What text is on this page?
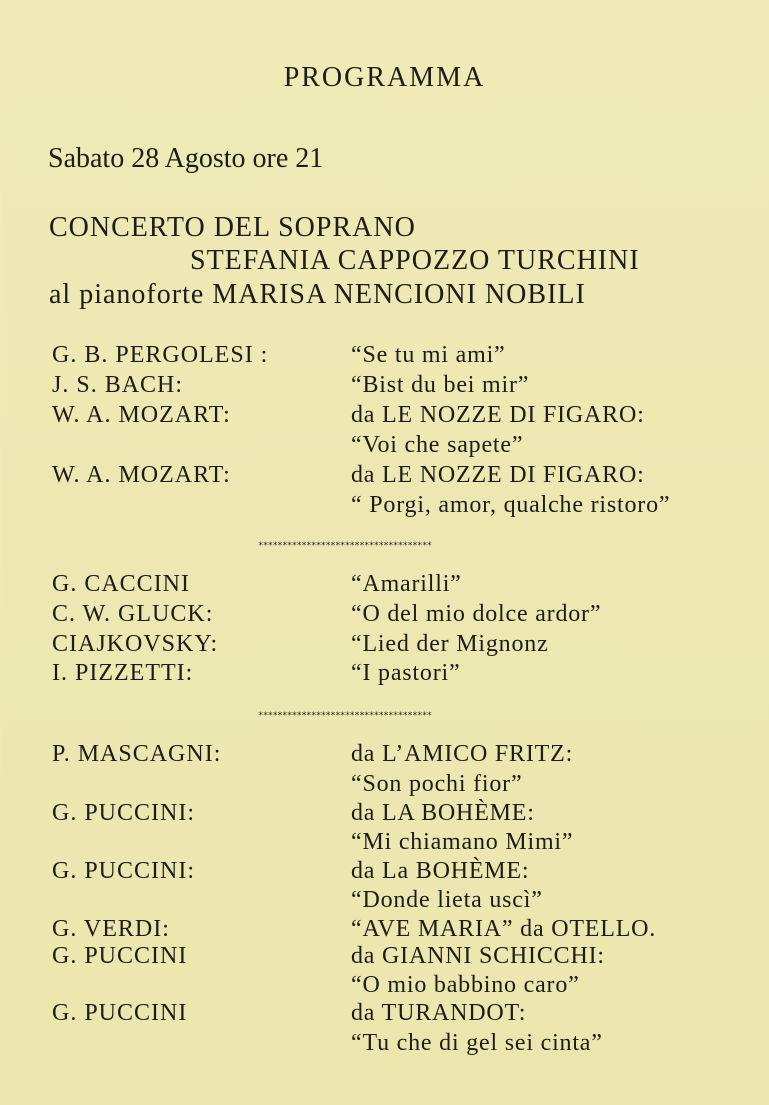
PROGRAMMA
Sabato 28 Agosto ore 21
CONCERTO DEL SOPRANO
STEFANIA CAPPOZZO TURCHINI
al pianoforte MARISA NENCIONI NOBILI
G. B. PERGOLESI :	“Se tu mi ami”
J. S. BACH:	“Bist du bei mir”
W. A. MOZART:	da LE NOZZE DI FIGARO:
“Voi che sapete”
W. A. MOZART:	da LE NOZZE DI FIGARO:
“ Porgi, amor, qualche ristoro”
************************************
G. CACCINI	“Amarilli”
C. W. GLUCK:	“O del mio dolce ardor”
CIAJKOVSKY:	“Lied der Mignonz
I. PIZZETTI:	“I pastori”
************************************
P. MASCAGNI:	da L’AMICO FRITZ:
“Son pochi fior”
G. PUCCINI:	da LA BOHÈME:
“Mi chiamano Mimi”
G. PUCCINI:	da La BOHÈME:
“Donde lieta uscì”
G. VERDI:	“AVE MARIA” da OTELLO.
G. PUCCINI	da GIANNI SCHICCHI:
“O mio babbino caro”
G. PUCCINI	da TURANDOT:
“Tu che di gel sei cinta”
